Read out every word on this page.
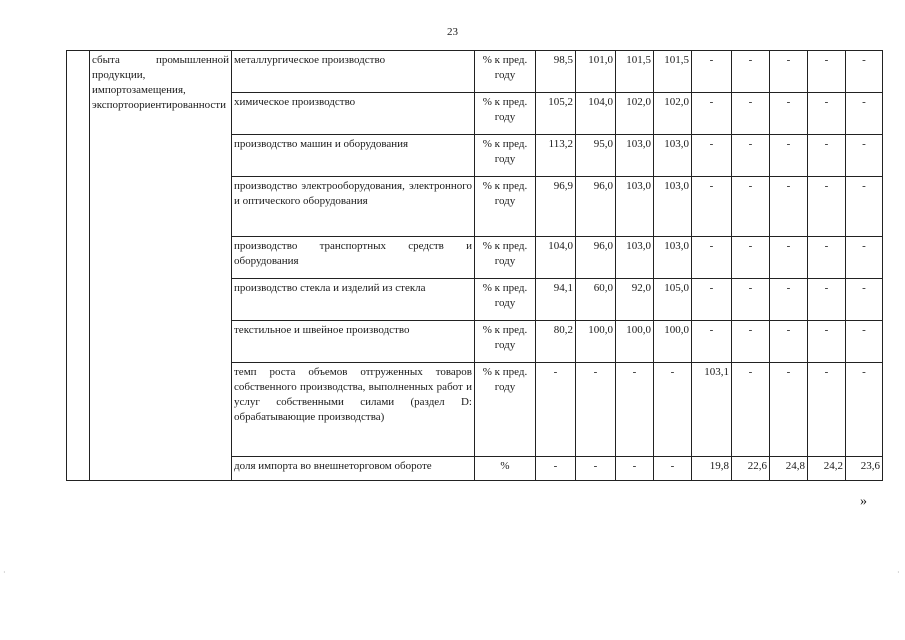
23
	сбыта промышленной продукции, импортозамещения, экспортоориентированности	металлургическое производство	% к пред. году	98,5	101,0	101,5	101,5	-	-	-	-	-
		химическое производство	% к пред. году	105,2	104,0	102,0	102,0	-	-	-	-	-
		производство машин и оборудования	% к пред. году	113,2	95,0	103,0	103,0	-	-	-	-	-
		производство электрооборудования, электронного и оптического оборудования	% к пред. году	96,9	96,0	103,0	103,0	-	-	-	-	-
		производство транспортных средств и оборудования	% к пред. году	104,0	96,0	103,0	103,0	-	-	-	-	-
		производство стекла и изделий из стекла	% к пред. году	94,1	60,0	92,0	105,0	-	-	-	-	-
		текстильное и швейное производство	% к пред. году	80,2	100,0	100,0	100,0	-	-	-	-	-
		темп роста объемов отгруженных товаров собственного производства, выполненных работ и услуг собственными силами (раздел D: обрабатывающие производства)	% к пред. году	-	-	-	-	103,1	-	-	-	-
		доля импорта во внешнеторговом обороте	%	-	-	-	-	19,8	22,6	24,8	24,2	23,6
»
·	·
